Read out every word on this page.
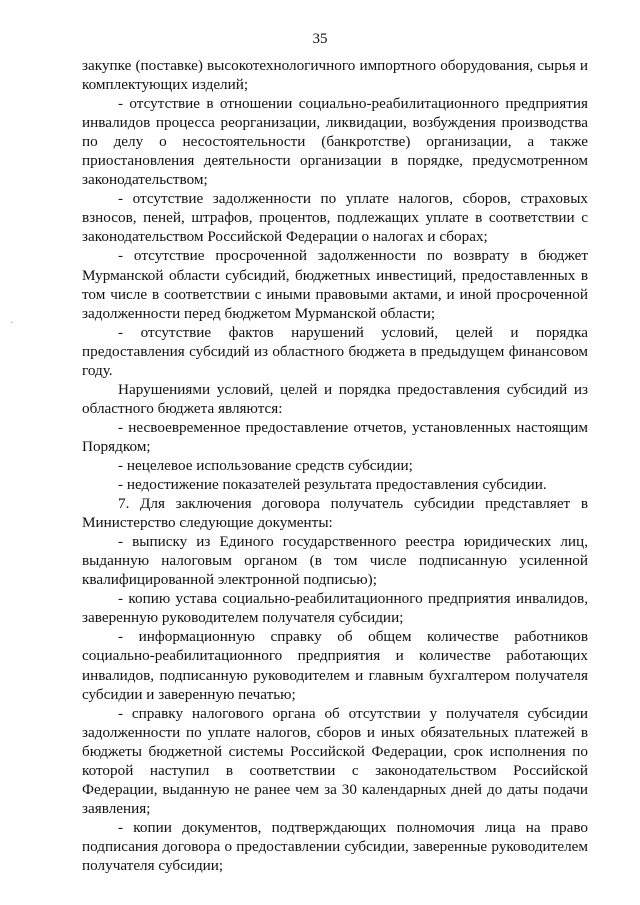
35
·

закупке (поставке) высокотехнологичного импортного оборудования, сырья и комплектующих изделий;

- отсутствие в отношении социально-реабилитационного предприятия инвалидов процесса реорганизации, ликвидации, возбуждения производства по делу о несостоятельности (банкротстве) организации, а также приостановления деятельности организации в порядке, предусмотренном законодательством;

- отсутствие задолженности по уплате налогов, сборов, страховых взносов, пеней, штрафов, процентов, подлежащих уплате в соответствии с законодательством Российской Федерации о налогах и сборах;

- отсутствие просроченной задолженности по возврату в бюджет Мурманской области субсидий, бюджетных инвестиций, предоставленных в том числе в соответствии с иными правовыми актами, и иной просроченной задолженности перед бюджетом Мурманской области;

- отсутствие фактов нарушений условий, целей и порядка предоставления субсидий из областного бюджета в предыдущем финансовом году.

Нарушениями условий, целей и порядка предоставления субсидий из областного бюджета являются:

- несвоевременное предоставление отчетов, установленных настоящим Порядком;

- нецелевое использование средств субсидии;

- недостижение показателей результата предоставления субсидии.

7. Для заключения договора получатель субсидии представляет в Министерство следующие документы:

- выписку из Единого государственного реестра юридических лиц, выданную налоговым органом (в том числе подписанную усиленной квалифицированной электронной подписью);

- копию устава социально-реабилитационного предприятия инвалидов, заверенную руководителем получателя субсидии;

- информационную справку об общем количестве работников социально-реабилитационного предприятия и количестве работающих инвалидов, подписанную руководителем и главным бухгалтером получателя субсидии и заверенную печатью;

- справку налогового органа об отсутствии у получателя субсидии задолженности по уплате налогов, сборов и иных обязательных платежей в бюджеты бюджетной системы Российской Федерации, срок исполнения по которой наступил в соответствии с законодательством Российской Федерации, выданную не ранее чем за 30 календарных дней до даты подачи заявления;

- копии документов, подтверждающих полномочия лица на право подписания договора о предоставлении субсидии, заверенные руководителем получателя субсидии;
